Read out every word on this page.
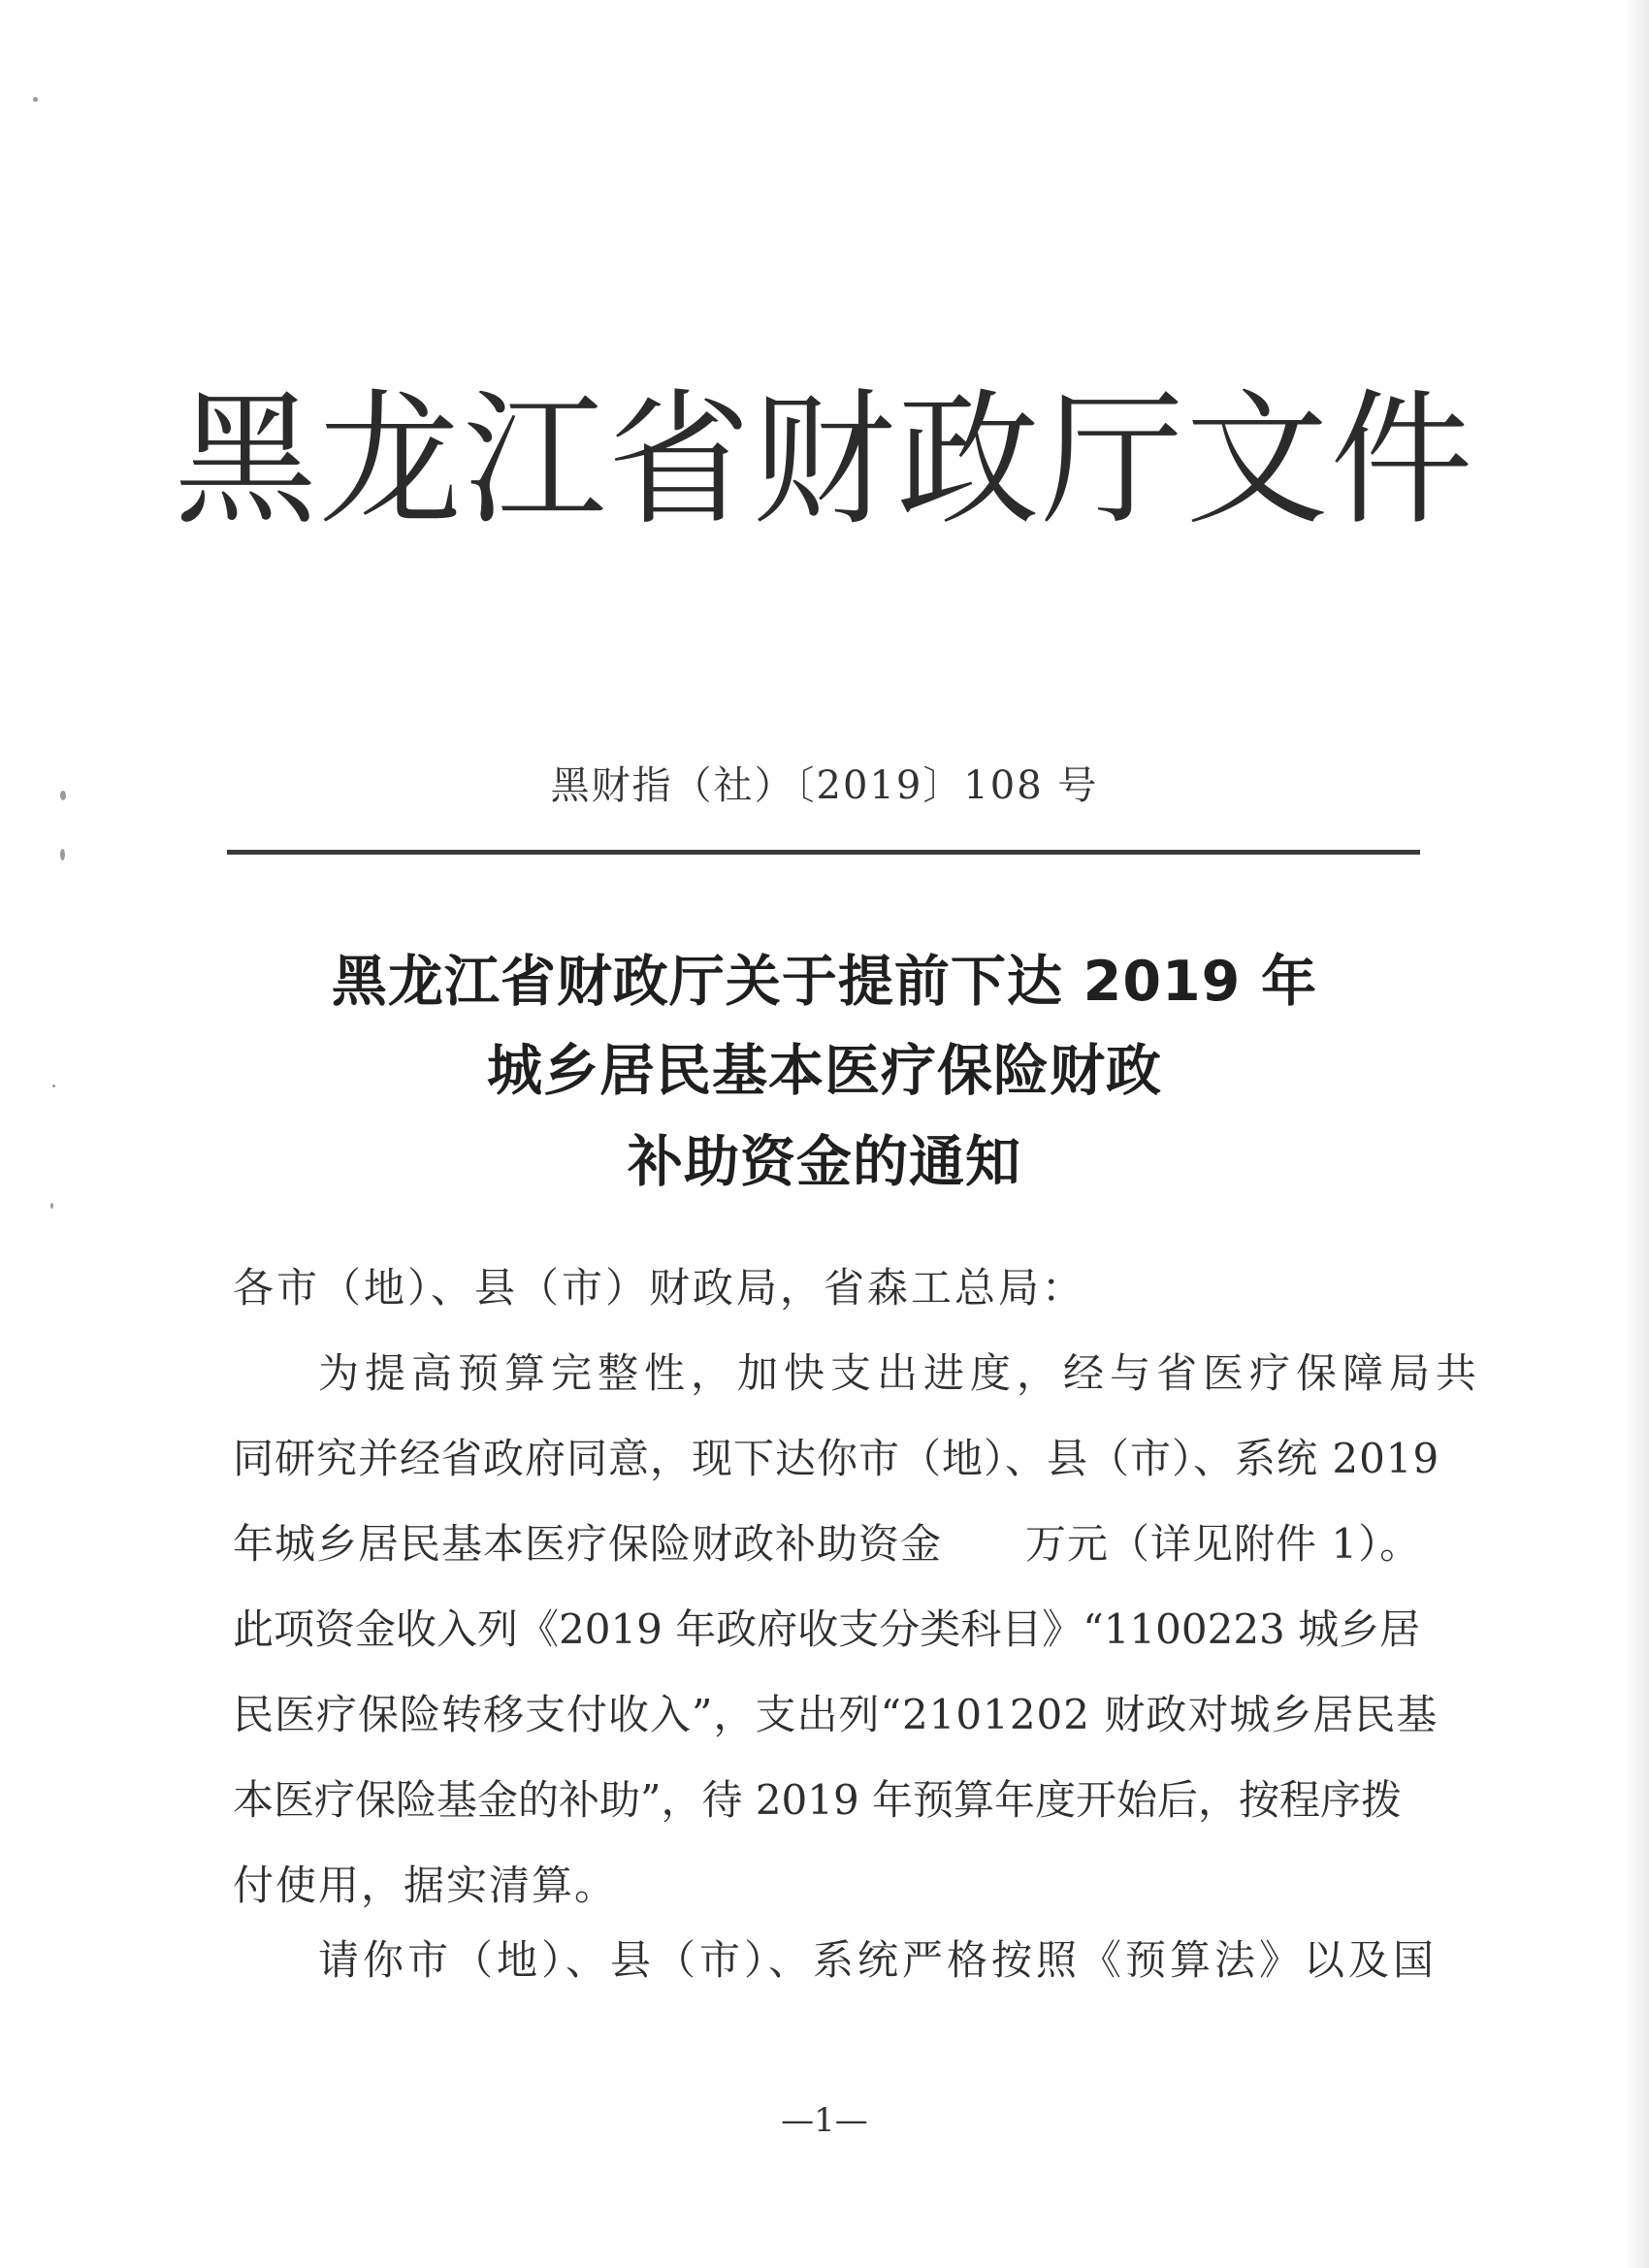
黑龙江省财政厅文件
黑财指（社）〔2019〕108 号
黑龙江省财政厅关于提前下达 2019 年
城乡居民基本医疗保险财政
补助资金的通知
各市（地）、县（市）财政局，省森工总局：
为提高预算完整性，加快支出进度，经与省医疗保障局共
同研究并经省政府同意，现下达你市（地）、县（市）、系统 2019
年城乡居民基本医疗保险财政补助资金　　万元（详见附件 1）。
此项资金收入列《2019 年政府收支分类科目》“1100223 城乡居
民医疗保险转移支付收入”，支出列“2101202 财政对城乡居民基
本医疗保险基金的补助”，待 2019 年预算年度开始后，按程序拨
付使用，据实清算。
请你市（地）、县（市）、系统严格按照《预算法》以及国
—1—
